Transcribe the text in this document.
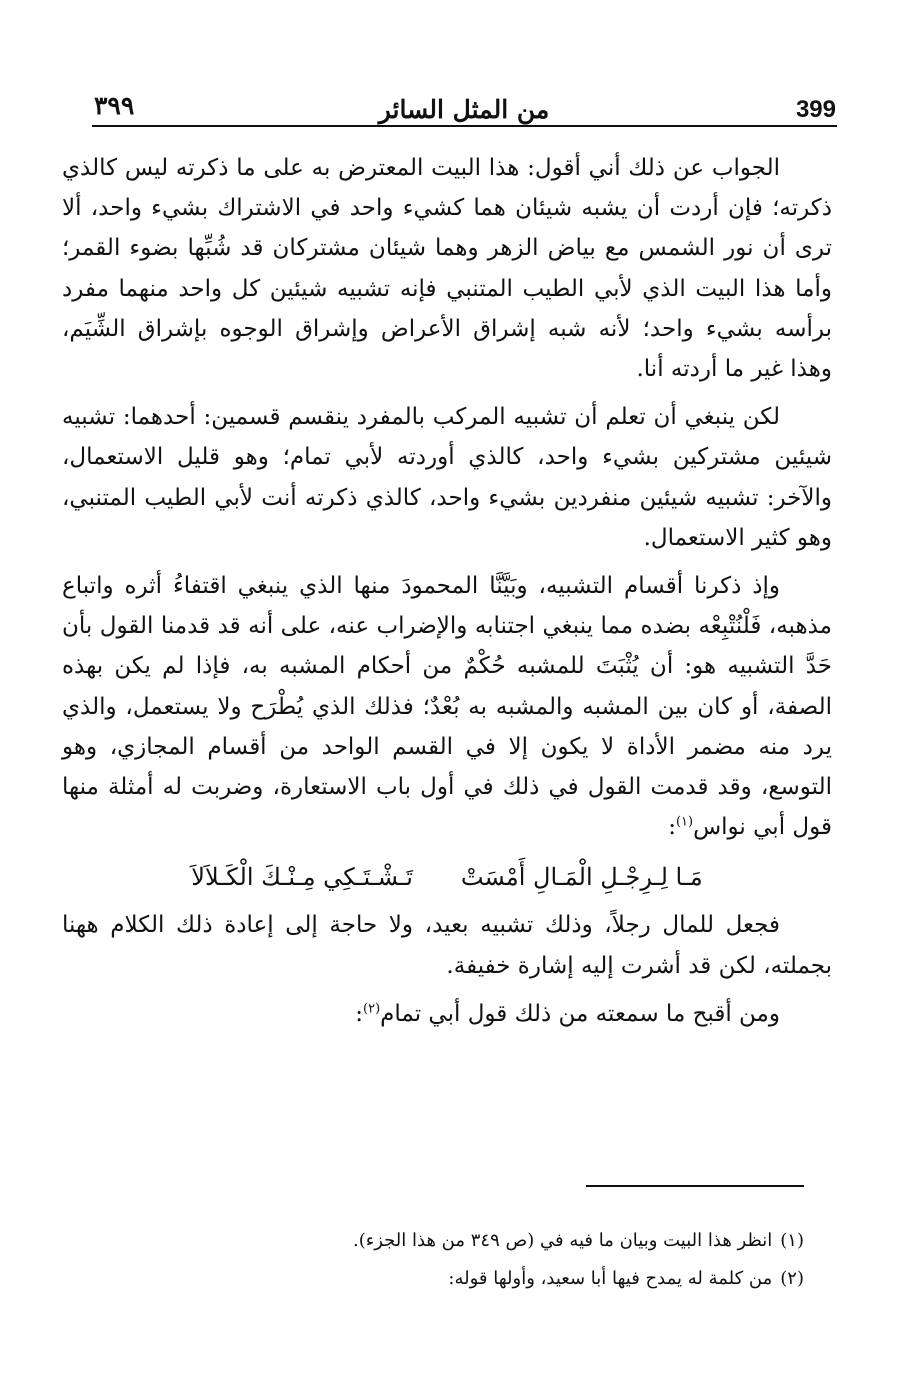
399
من المثل السائر
٣٩٩

الجواب عن ذلك أني أقول: هذا البيت المعترض به على ما ذكرته ليس كالذي ذكرته؛ فإن أردت أن يشبه شيئان هما كشيء واحد في الاشتراك بشيء واحد، ألا ترى أن نور الشمس مع بياض الزهر وهما شيئان مشتركان قد شُبِّها بضوء القمر؛ وأما هذا البيت الذي لأبي الطيب المتنبي فإنه تشبيه شيئين كل واحد منهما مفرد برأسه بشيء واحد؛ لأنه شبه إشراق الأعراض وإشراق الوجوه بإشراق الشِّيَم، وهذا غير ما أردته أنا.

لكن ينبغي أن تعلم أن تشبيه المركب بالمفرد ينقسم قسمين: أحدهما: تشبيه شيئين مشتركين بشيء واحد، كالذي أوردته لأبي تمام؛ وهو قليل الاستعمال، والآخر: تشبيه شيئين منفردين بشيء واحد، كالذي ذكرته أنت لأبي الطيب المتنبي، وهو كثير الاستعمال.

وإذ ذكرنا أقسام التشبيه، وبَيَّنَّا المحمودَ منها الذي ينبغي اقتفاءُ أثره واتباع مذهبه، فَلْنُتْبِعْه بضده مما ينبغي اجتنابه والإضراب عنه، على أنه قد قدمنا القول بأن حَدَّ التشبيه هو: أن يُثْبَتَ للمشبه حُكْمٌ من أحكام المشبه به، فإذا لم يكن بهذه الصفة، أو كان بين المشبه والمشبه به بُعْدٌ؛ فذلك الذي يُطْرَح ولا يستعمل، والذي يرد منه مضمر الأداة لا يكون إلا في القسم الواحد من أقسام المجازي، وهو التوسع، وقد قدمت القول في ذلك في أول باب الاستعارة، وضربت له أمثلة منها قول أبي نواس$^{(١)}$:

مَـا لِـرِجْـلِ الْمَـالِ أَمْسَتْ
تَـشْـتَـكِي مِـنْـكَ الْكَـلاَلاَ

فجعل للمال رجلاً، وذلك تشبيه بعيد، ولا حاجة إلى إعادة ذلك الكلام ههنا بجملته، لكن قد أشرت إليه إشارة خفيفة.

ومن أقبح ما سمعته من ذلك قول أبي تمام$^{(٢)}$:

(١)انظر هذا البيت وبيان ما فيه في (ص ٣٤٩ من هذا الجزء).

(٢)من كلمة له يمدح فيها أبا سعيد، وأولها قوله:
